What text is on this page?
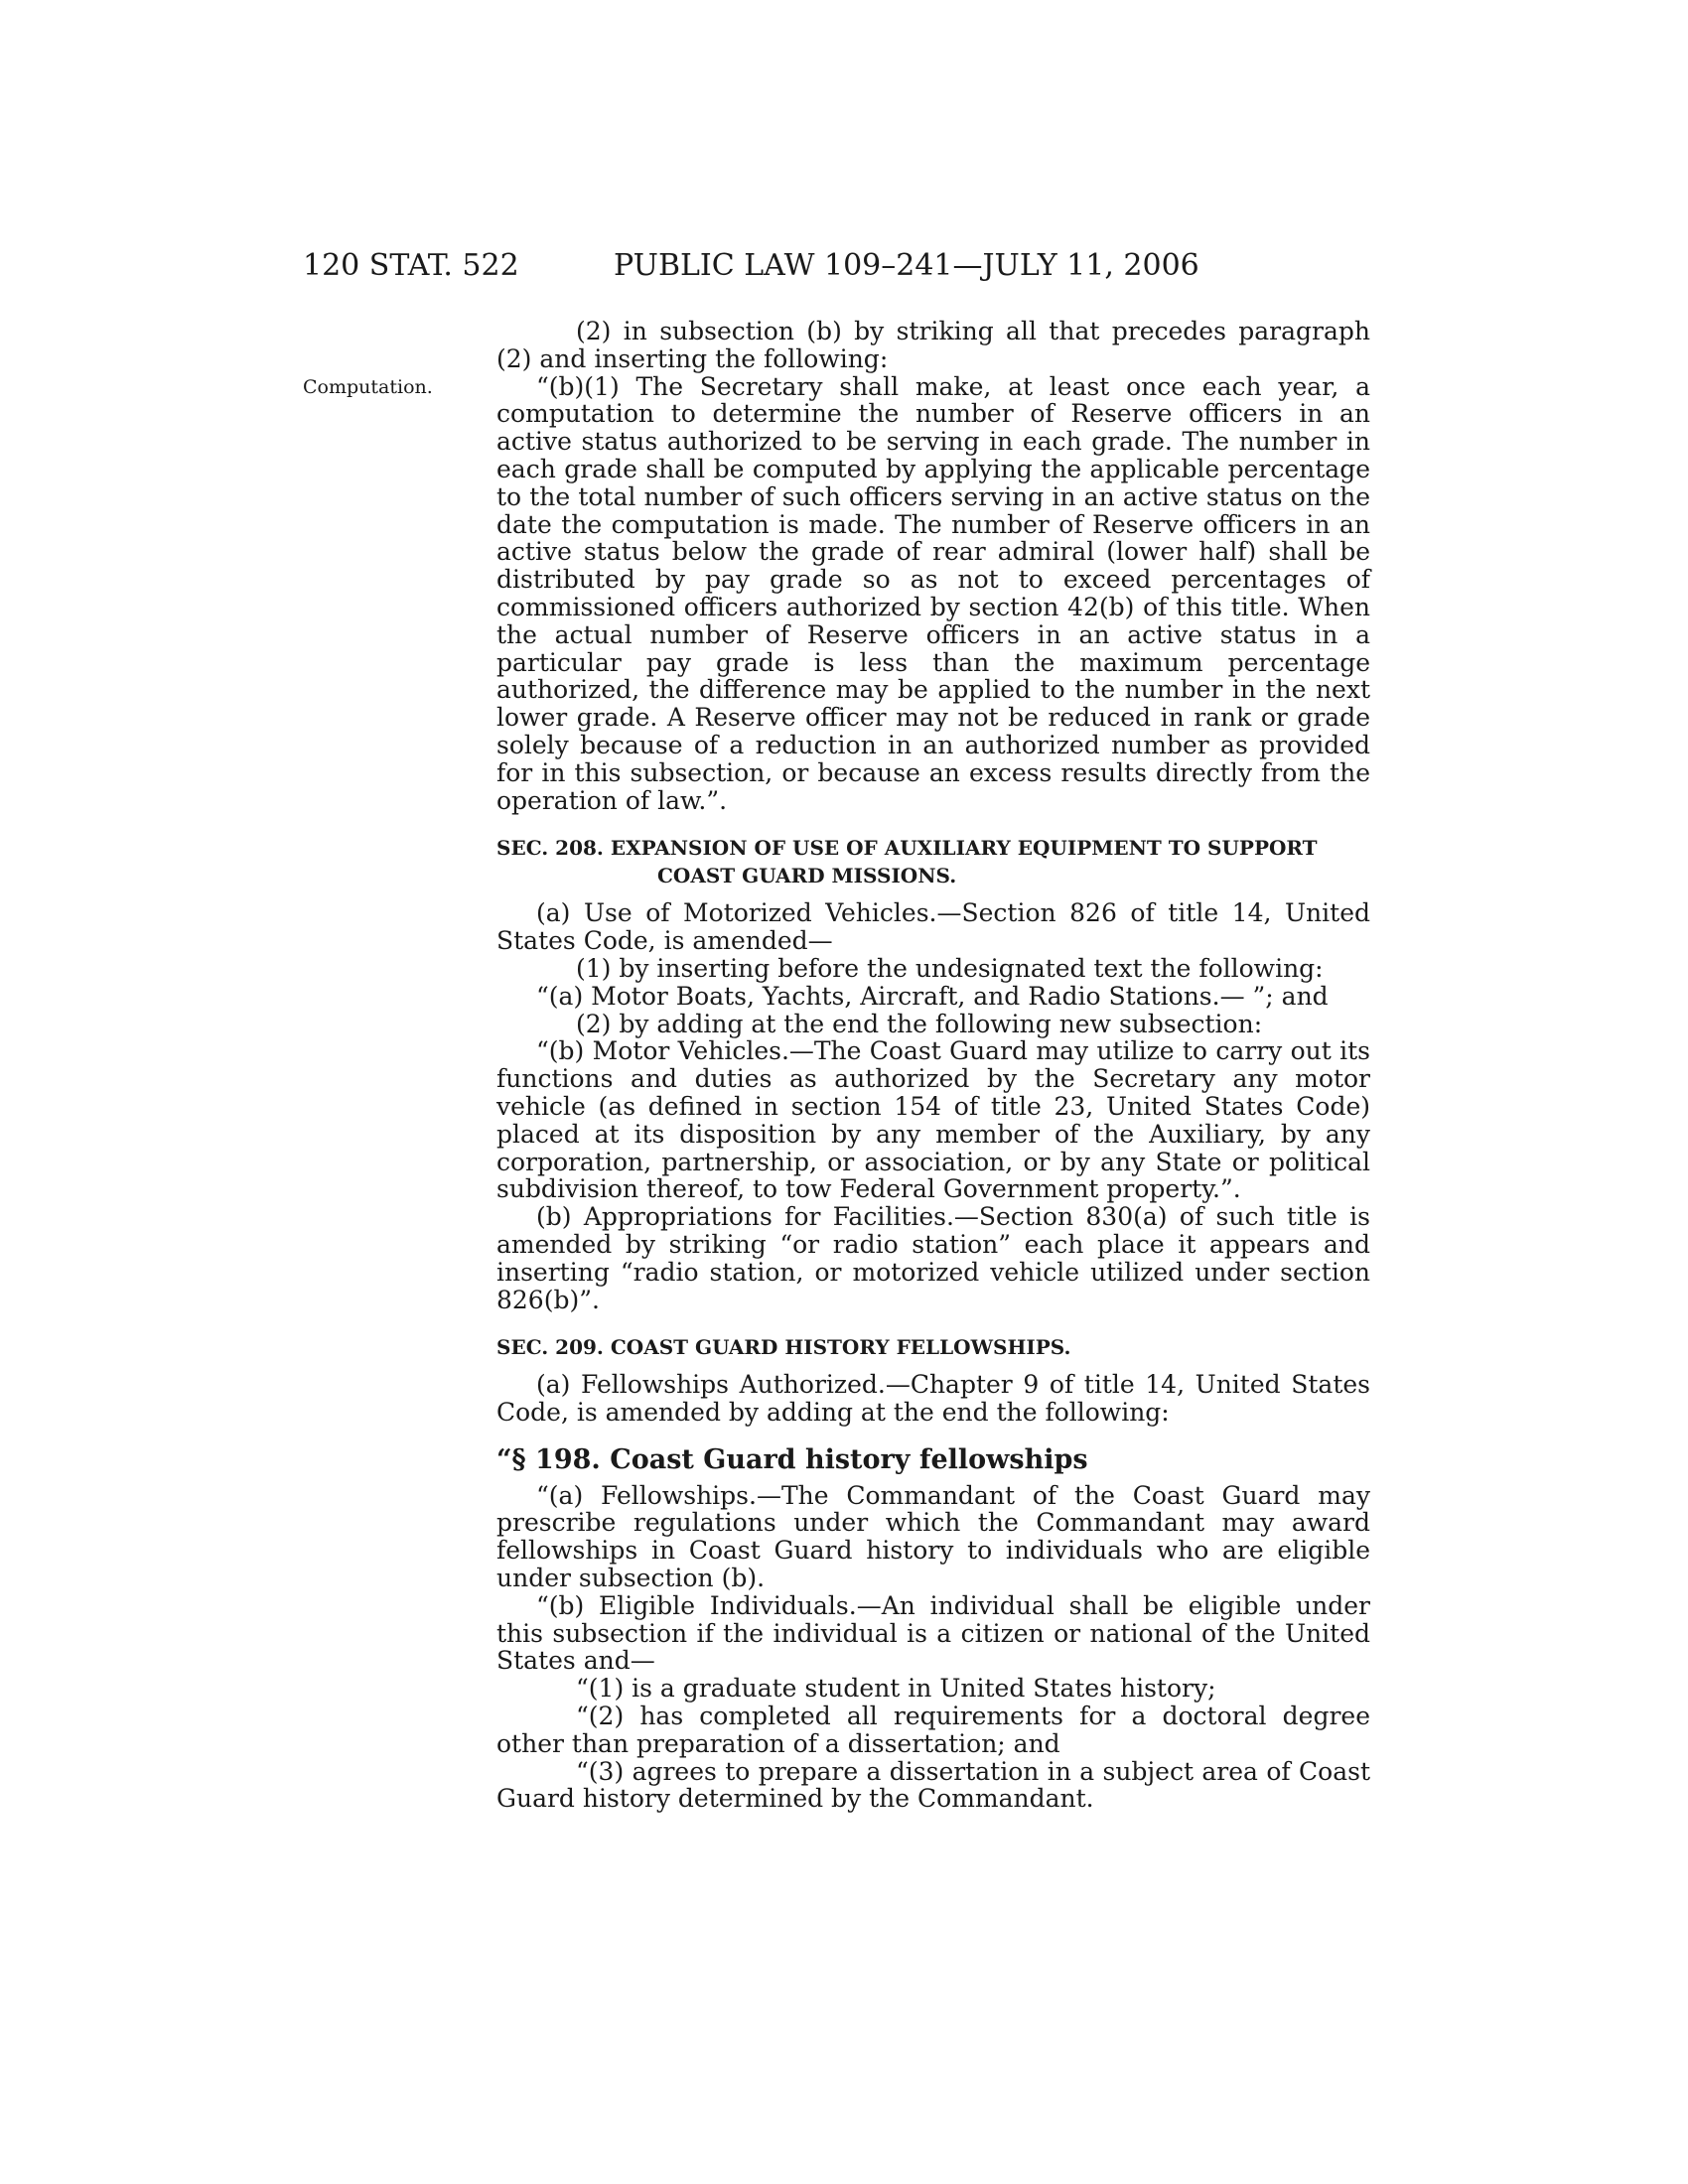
120 STAT. 522	PUBLIC LAW 109–241—JULY 11, 2006
Computation.

(2) in subsection (b) by striking all that precedes paragraph (2) and inserting the following:

“(b)(1) The Secretary shall make, at least once each year, a computation to determine the number of Reserve officers in an active status authorized to be serving in each grade. The number in each grade shall be computed by applying the applicable percentage to the total number of such officers serving in an active status on the date the computation is made. The number of Reserve officers in an active status below the grade of rear admiral (lower half) shall be distributed by pay grade so as not to exceed percentages of commissioned officers authorized by section 42(b) of this title. When the actual number of Reserve officers in an active status in a particular pay grade is less than the maximum percentage authorized, the difference may be applied to the number in the next lower grade. A Reserve officer may not be reduced in rank or grade solely because of a reduction in an authorized number as provided for in this subsection, or because an excess results directly from the operation of law.”.

SEC. 208. EXPANSION OF USE OF AUXILIARY EQUIPMENT TO SUPPORT COAST GUARD MISSIONS.

(a) Use of Motorized Vehicles.—Section 826 of title 14, United States Code, is amended—

(1) by inserting before the undesignated text the following:

“(a) Motor Boats, Yachts, Aircraft, and Radio Stations.— ”; and

(2) by adding at the end the following new subsection:

“(b) Motor Vehicles.—The Coast Guard may utilize to carry out its functions and duties as authorized by the Secretary any motor vehicle (as defined in section 154 of title 23, United States Code) placed at its disposition by any member of the Auxiliary, by any corporation, partnership, or association, or by any State or political subdivision thereof, to tow Federal Government property.”.

(b) Appropriations for Facilities.—Section 830(a) of such title is amended by striking “or radio station” each place it appears and inserting “radio station, or motorized vehicle utilized under section 826(b)”.

SEC. 209. COAST GUARD HISTORY FELLOWSHIPS.

(a) Fellowships Authorized.—Chapter 9 of title 14, United States Code, is amended by adding at the end the following:

“§ 198. Coast Guard history fellowships

“(a) Fellowships.—The Commandant of the Coast Guard may prescribe regulations under which the Commandant may award fellowships in Coast Guard history to individuals who are eligible under subsection (b).

“(b) Eligible Individuals.—An individual shall be eligible under this subsection if the individual is a citizen or national of the United States and—

“(1) is a graduate student in United States history;

“(2) has completed all requirements for a doctoral degree other than preparation of a dissertation; and

“(3) agrees to prepare a dissertation in a subject area of Coast Guard history determined by the Commandant.
